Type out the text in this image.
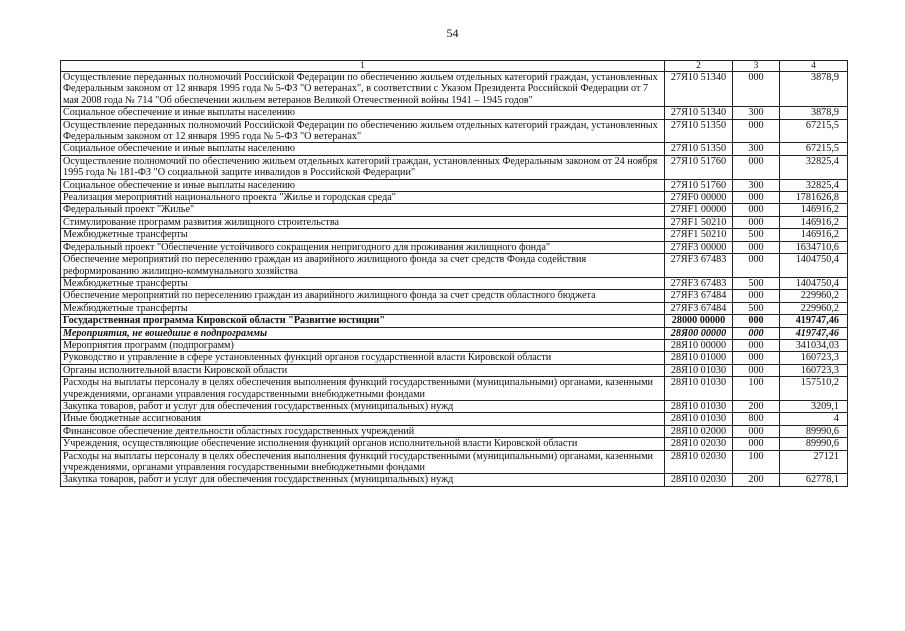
54
1	2	3	4
Осуществление переданных полномочий Российской Федерации по обеспечению жильем отдельных категорий граждан, установленных Федеральным законом от 12 января 1995 года № 5-ФЗ "О ветеранах", в соответствии с Указом Президента Российской Федерации от 7 мая 2008 года № 714 "Об обеспечении жильем ветеранов Великой Отечественной войны 1941 – 1945 годов"	27Я10 51340	000	3878,9
Социальное обеспечение и иные выплаты населению	27Я10 51340	300	3878,9
Осуществление переданных полномочий Российской Федерации по обеспечению жильем отдельных категорий граждан, установленных Федеральным законом от 12 января 1995 года № 5-ФЗ "О ветеранах"	27Я10 51350	000	67215,5
Социальное обеспечение и иные выплаты населению	27Я10 51350	300	67215,5
Осуществление полномочий по обеспечению жильем отдельных категорий граждан, установленных Федеральным законом от 24 ноября 1995 года № 181-ФЗ "О социальной защите инвалидов в Российской Федерации"	27Я10 51760	000	32825,4
Социальное обеспечение и иные выплаты населению	27Я10 51760	300	32825,4
Реализация мероприятий национального проекта "Жилье и городская среда"	27ЯF0 00000	000	1781626,8
Федеральный проект "Жилье"	27ЯF1 00000	000	146916,2
Стимулирование программ развития жилищного строительства	27ЯF1 50210	000	146916,2
Межбюджетные трансферты	27ЯF1 50210	500	146916,2
Федеральный проект "Обеспечение устойчивого сокращения непригодного для проживания жилищного фонда"	27ЯF3 00000	000	1634710,6
Обеспечение мероприятий по переселению граждан из аварийного жилищного фонда за счет средств Фонда содействия реформированию жилищно-коммунального хозяйства	27ЯF3 67483	000	1404750,4
Межбюджетные трансферты	27ЯF3 67483	500	1404750,4
Обеспечение мероприятий по переселению граждан из аварийного жилищного фонда за счет средств областного бюджета	27ЯF3 67484	000	229960,2
Межбюджетные трансферты	27ЯF3 67484	500	229960,2
Государственная программа Кировской области "Развитие юстиции"	28000 00000	000	419747,46
Мероприятия, не вошедшие в подпрограммы	28Я00 00000	000	419747,46
Мероприятия программ (подпрограмм)	28Я10 00000	000	341034,03
Руководство и управление в сфере установленных функций органов государственной власти Кировской области	28Я10 01000	000	160723,3
Органы исполнительной власти Кировской области	28Я10 01030	000	160723,3
Расходы на выплаты персоналу в целях обеспечения выполнения функций государственными (муниципальными) органами, казенными учреждениями, органами управления государственными внебюджетными фондами	28Я10 01030	100	157510,2
Закупка товаров, работ и услуг для обеспечения государственных (муниципальных) нужд	28Я10 01030	200	3209,1
Иные бюджетные ассигнования	28Я10 01030	800	4
Финансовое обеспечение деятельности областных государственных учреждений	28Я10 02000	000	89990,6
Учреждения, осуществляющие обеспечение исполнения функций органов исполнительной власти Кировской области	28Я10 02030	000	89990,6
Расходы на выплаты персоналу в целях обеспечения выполнения функций государственными (муниципальными) органами, казенными учреждениями, органами управления государственными внебюджетными фондами	28Я10 02030	100	27121
Закупка товаров, работ и услуг для обеспечения государственных (муниципальных) нужд	28Я10 02030	200	62778,1
